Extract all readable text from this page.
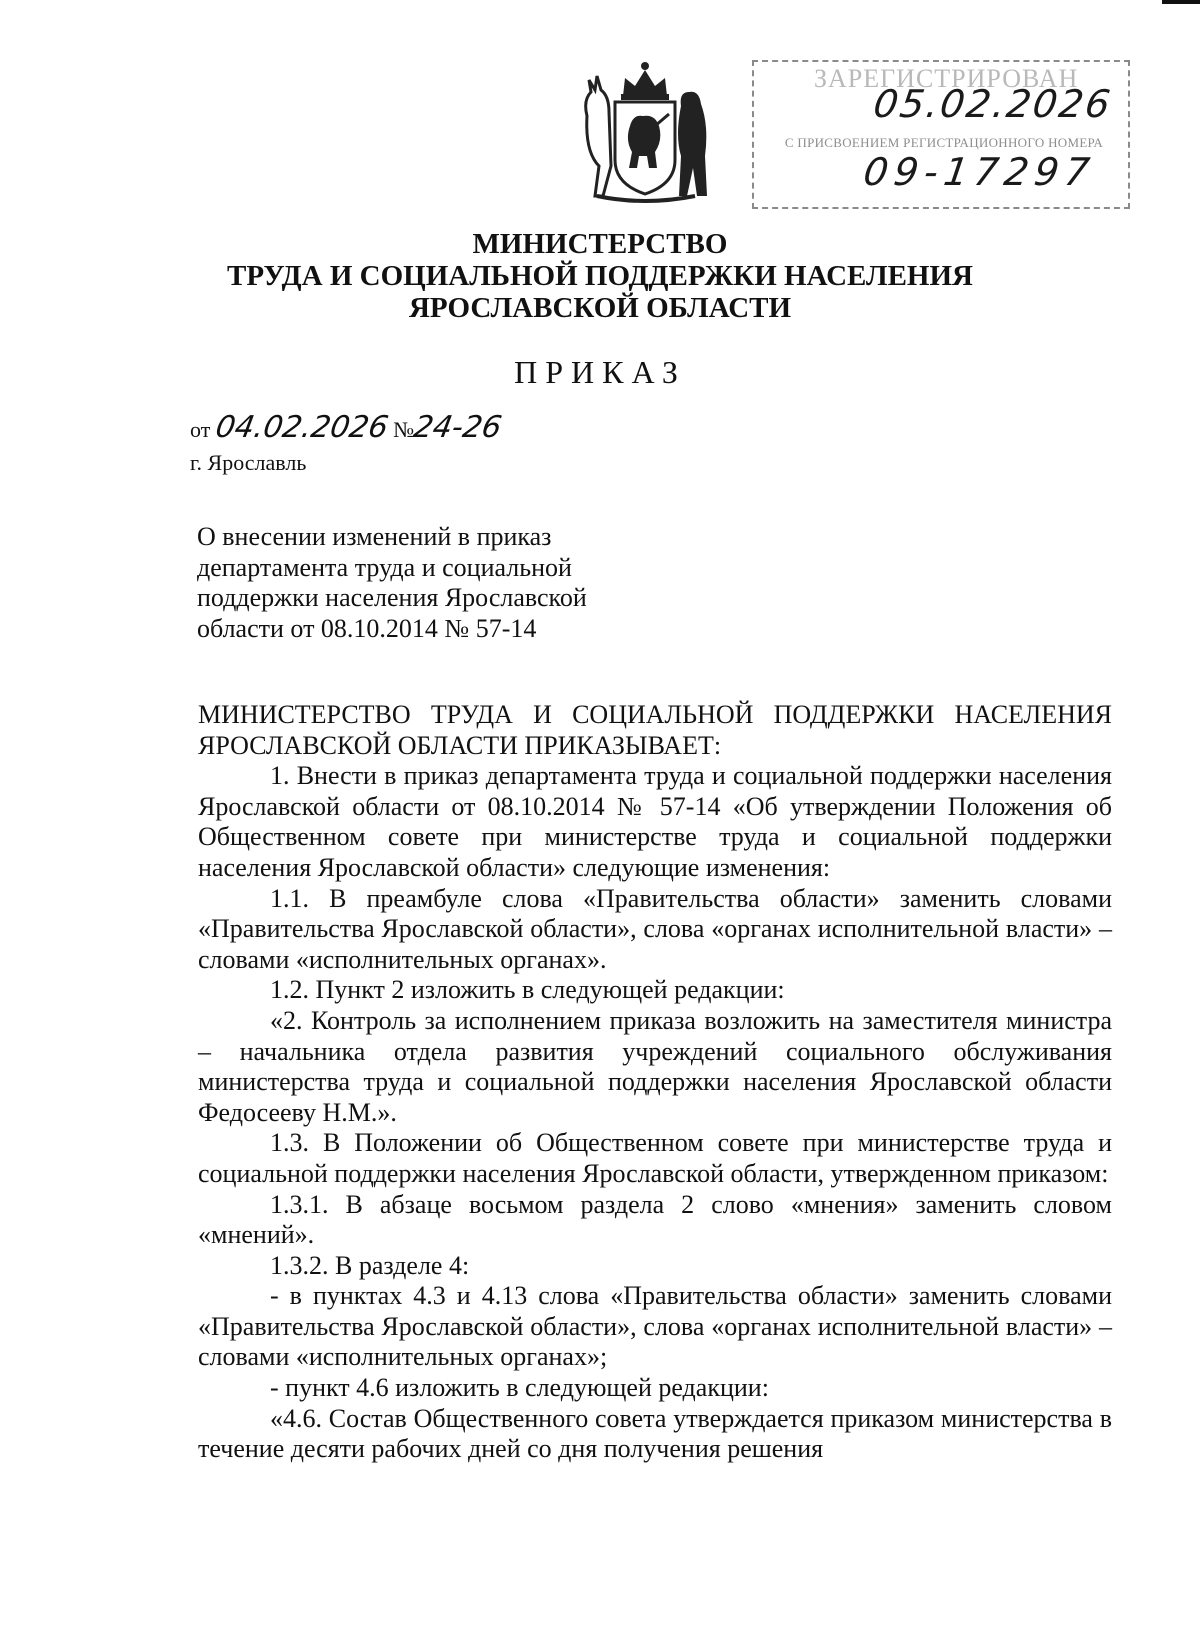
ЗАРЕГИСТРИРОВАН
05.02.2026
С ПРИСВОЕНИЕМ РЕГИСТРАЦИОННОГО НОМЕРА
09-17297
МИНИСТЕРСТВО
ТРУДА И СОЦИАЛЬНОЙ ПОДДЕРЖКИ НАСЕЛЕНИЯ
ЯРОСЛАВСКОЙ ОБЛАСТИ
ПРИКАЗ
от 04.02.2026 №24-26
г. Ярославль
О внесении изменений в приказ
департамента труда и социальной
поддержки населения Ярославской
области от 08.10.2014 № 57-14

МИНИСТЕРСТВО ТРУДА И СОЦИАЛЬНОЙ ПОДДЕРЖКИ НАСЕЛЕНИЯ ЯРОСЛАВСКОЙ ОБЛАСТИ ПРИКАЗЫВАЕТ:

1. Внести в приказ департамента труда и социальной поддержки населения Ярославской области от 08.10.2014 № 57-14 «Об утверждении Положения об Общественном совете при министерстве труда и социальной поддержки населения Ярославской области» следующие изменения:

1.1. В преамбуле слова «Правительства области» заменить словами «Правительства Ярославской области», слова «органах исполнительной власти» – словами «исполнительных органах».

1.2. Пункт 2 изложить в следующей редакции:

«2. Контроль за исполнением приказа возложить на заместителя министра – начальника отдела развития учреждений социального обслуживания министерства труда и социальной поддержки населения Ярославской области Федосееву Н.М.».

1.3. В Положении об Общественном совете при министерстве труда и социальной поддержки населения Ярославской области, утвержденном приказом:

1.3.1. В абзаце восьмом раздела 2 слово «мнения» заменить словом «мнений».

1.3.2. В разделе 4:

- в пунктах 4.3 и 4.13 слова «Правительства области» заменить словами «Правительства Ярославской области», слова «органах исполнительной власти» – словами «исполнительных органах»;

- пункт 4.6 изложить в следующей редакции:

«4.6. Состав Общественного совета утверждается приказом министерства в течение десяти рабочих дней со дня получения решения
